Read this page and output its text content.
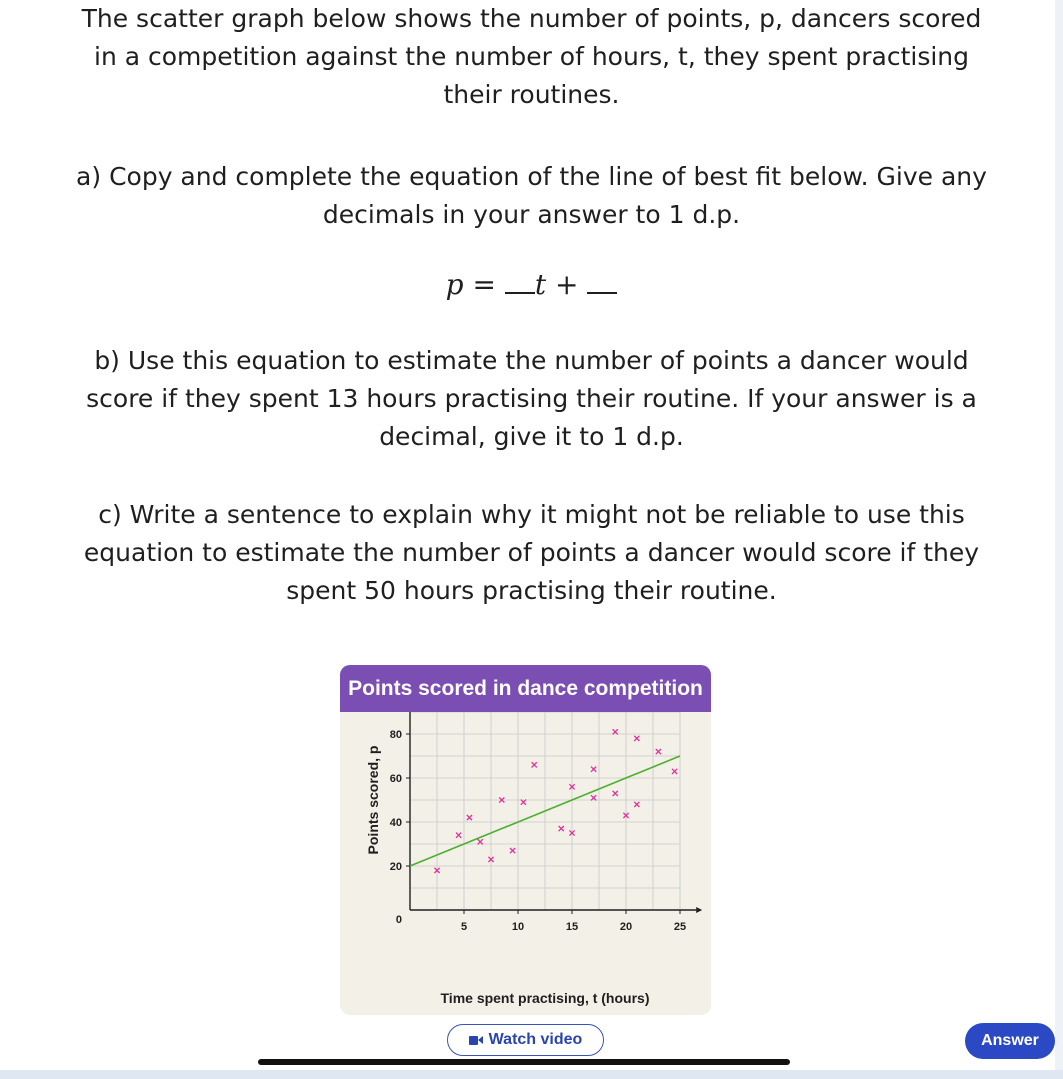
The scatter graph below shows the number of points, p, dancers scored

in a competition against the number of hours, t, they spent practising

their routines.

a) Copy and complete the equation of the line of best fit below. Give any

decimals in your answer to 1 d.p.

p = t +

b) Use this equation to estimate the number of points a dancer would

score if they spent 13 hours practising their routine. If your answer is a

decimal, give it to 1 d.p.

c) Write a sentence to explain why it might not be reliable to use this

equation to estimate the number of points a dancer would score if they

spent 50 hours practising their routine.

Points scored in dance competition
20
40
60
80
5	10	15	20	25
0
Time spent practising, t (hours)
Points scored, p
Watch video	Answer
